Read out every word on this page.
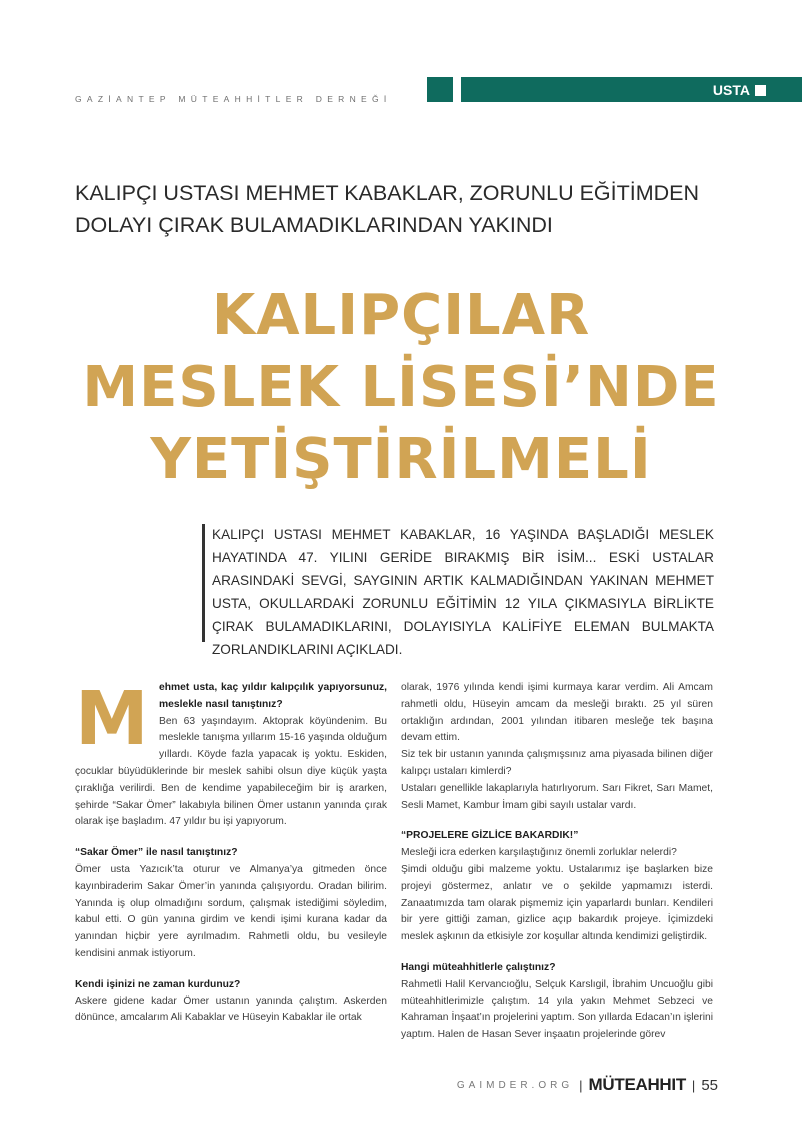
GAZİANTEP MÜTEAHHİTLER DERNEĞİ
USTA
KALIPÇI USTASI MEHMET KABAKLAR, ZORUNLU EĞİTİMDEN DOLAYI ÇIRAK BULAMADIKLARINDAN YAKINDI
KALIPÇILAR
MESLEK LİSESİ’NDE
YETİŞTİRİLMELİ
KALIPÇI USTASI MEHMET KABAKLAR, 16 YAŞINDA BAŞLADIĞI MESLEK HAYATINDA 47. YILINI GERİDE BIRAKMIŞ BİR İSİM... ESKİ USTALAR ARASINDAKİ SEVGİ, SAYGININ ARTIK KALMADIĞINDAN YAKINAN MEHMET USTA, OKULLARDAKİ ZORUNLU EĞİTİMİN 12 YILA ÇIKMASIYLA BİRLİKTE ÇIRAK BULAMADIKLARINI, DOLAYISIYLA KALİFİYE ELEMAN BULMAKTA ZORLANDIKLARINI AÇIKLADI.
M	ehmet usta, kaç yıldır kalıpçılık yapıyorsunuz, meslekle nasıl tanıştınız?

Ben 63 yaşındayım. Aktoprak köyündenim. Bu meslekle tanışma yıllarım 15-16 yaşında olduğum yıllardı. Köyde fazla yapacak iş yoktu. Eskiden, çocuklar büyüdüklerinde bir meslek sahibi olsun diye küçük yaşta çıraklığa verilirdi. Ben de kendime yapabileceğim bir iş ararken, şehirde “Sakar Ömer” lakabıyla bilinen Ömer ustanın yanında çırak olarak işe başladım. 47 yıldır bu işi yapıyorum.

“Sakar Ömer” ile nasıl tanıştınız?

Ömer usta Yazıcık’ta oturur ve Almanya’ya gitmeden önce kayınbiraderim Sakar Ömer’in yanında çalışıyordu. Oradan bilirim. Yanında iş olup olmadığını sordum, çalışmak istediğimi söyledim, kabul etti. O gün yanına girdim ve kendi işimi kurana kadar da yanından hiçbir yere ayrılmadım. Rahmetli oldu, bu vesileyle kendisini anmak istiyorum.

Kendi işinizi ne zaman kurdunuz?

Askere gidene kadar Ömer ustanın yanında çalıştım. Askerden dönünce, amcalarım Ali Kabaklar ve Hüseyin Kabaklar ile ortak

olarak, 1976 yılında kendi işimi kurmaya karar verdim. Ali Amcam rahmetli oldu, Hüseyin amcam da mesleği bıraktı. 25 yıl süren ortaklığın ardından, 2001 yılından itibaren mesleğe tek başına devam ettim.

Siz tek bir ustanın yanında çalışmışsınız ama piyasada bilinen diğer kalıpçı ustaları kimlerdi?

Ustaları genellikle lakaplarıyla hatırlıyorum. Sarı Fikret, Sarı Mamet, Sesli Mamet, Kambur İmam gibi sayılı ustalar vardı.

“PROJELERE GİZLİCE BAKARDIK!”

Mesleği icra ederken karşılaştığınız önemli zorluklar nelerdi?

Şimdi olduğu gibi malzeme yoktu. Ustalarımız işe başlarken bize projeyi göstermez, anlatır ve o şekilde yapmamızı isterdi. Zanaatımızda tam olarak pişmemiz için yaparlardı bunları. Kendileri bir yere gittiği zaman, gizlice açıp bakardık projeye. İçimizdeki meslek aşkının da etkisiyle zor koşullar altında kendimizi geliştirdik.

Hangi müteahhitlerle çalıştınız?

Rahmetli Halil Kervancıoğlu, Selçuk Karslıgil, İbrahim Uncuoğlu gibi müteahhitlerimizle çalıştım. 14 yıla yakın Mehmet Sebzeci ve Kahraman İnşaat’ın projelerini yaptım. Son yıllarda Edacan’ın işlerini yaptım. Halen de Hasan Sever inşaatın projelerinde görev

GAIMDER.ORG | MÜTEAHHIT | 55
